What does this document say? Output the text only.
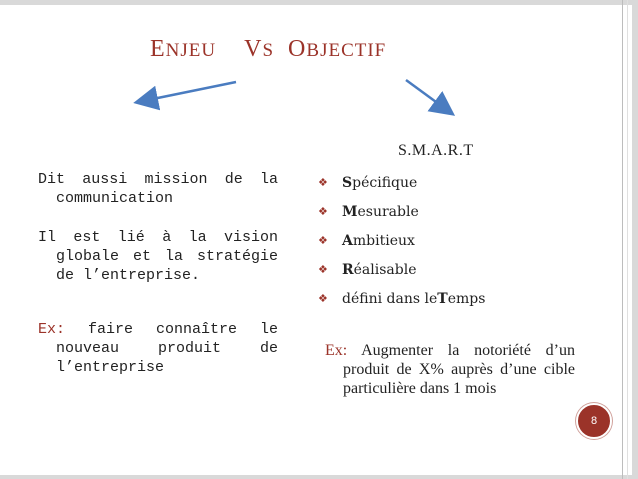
ENJEU VS OBJECTIF
Dit aussi mission de la communication
Il est lié à la vision globale et la stratégie de l’entreprise.
Ex: faire connaître le nouveau produit de l’entreprise
S.M.A.R.T
❖	S pécifique
❖	M esurable
❖	A mbitieux
❖	R éalisable
❖	défini dans le T emps
Ex: Augmenter la notoriété d’un produit de X% auprès d’une cible particulière dans 1 mois
8
